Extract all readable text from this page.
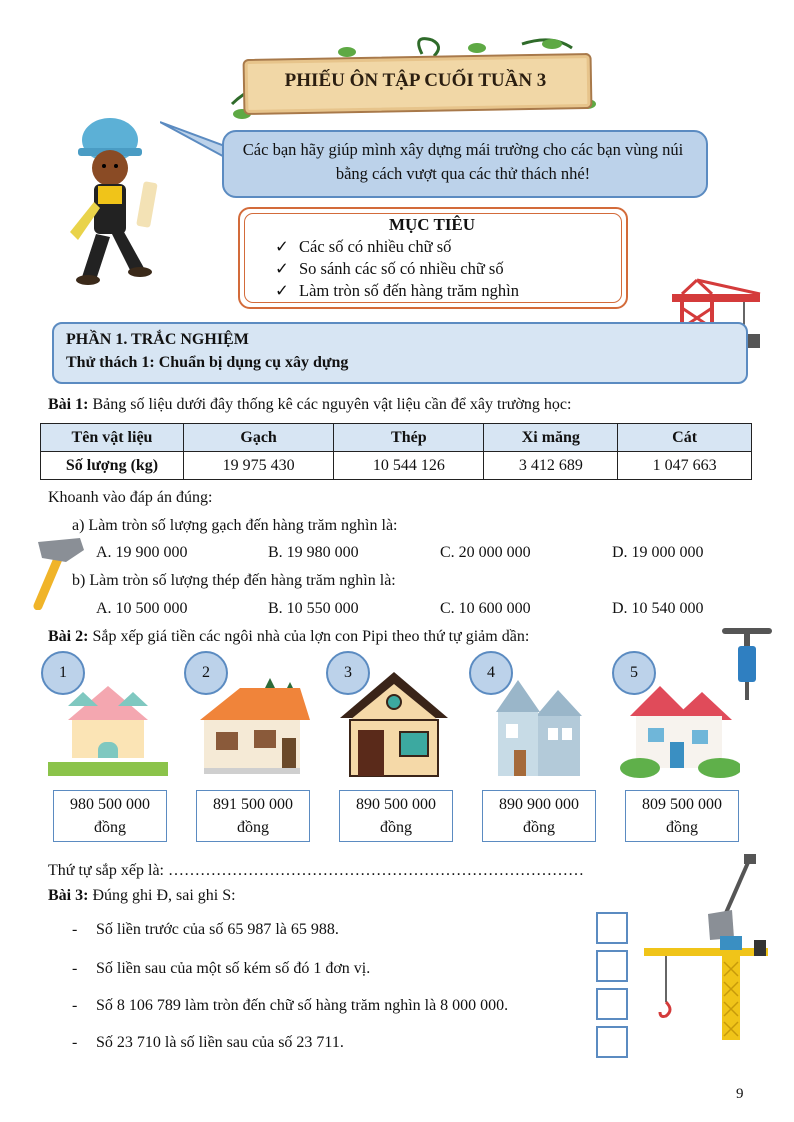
PHIẾU ÔN TẬP CUỐI TUẦN 3
Các bạn hãy giúp mình xây dựng mái trường cho các bạn vùng núi bằng cách vượt qua các thử thách nhé!
MỤC TIÊU
✓ Các số có nhiều chữ số
✓ So sánh các số có nhiều chữ số
✓ Làm tròn số đến hàng trăm nghìn
PHẦN 1. TRẮC NGHIỆM
Thử thách 1: Chuẩn bị dụng cụ xây dựng
Bài 1: Bảng số liệu dưới đây thống kê các nguyên vật liệu cần để xây trường học:
Tên vật liệu	Gạch	Thép	Xi măng	Cát
Số lượng (kg)	19 975 430	10 544 126	3 412 689	1 047 663
Khoanh vào đáp án đúng:
a) Làm tròn số lượng gạch đến hàng trăm nghìn là:
A. 19 900 000	B. 19 980 000	C. 20 000 000	D. 19 000 000
b) Làm tròn số lượng thép đến hàng trăm nghìn là:
A. 10 500 000	B. 10 550 000	C. 10 600 000	D. 10 540 000
Bài 2: Sắp xếp giá tiền các ngôi nhà của lợn con Pipi theo thứ tự giảm dần:
1
980 500 000
đồng
2
891 500 000
đồng
3
890 500 000
đồng
4
890 900 000
đồng
5
809 500 000
đồng
Thứ tự sắp xếp là: ……………………………………………………………………
Bài 3: Đúng ghi Đ, sai ghi S:
- Số liền trước của số 65 987 là 65 988.
- Số liền sau của một số kém số đó 1 đơn vị.
- Số 8 106 789 làm tròn đến chữ số hàng trăm nghìn là 8 000 000.
- Số 23 710 là số liền sau của số 23 711.
9
